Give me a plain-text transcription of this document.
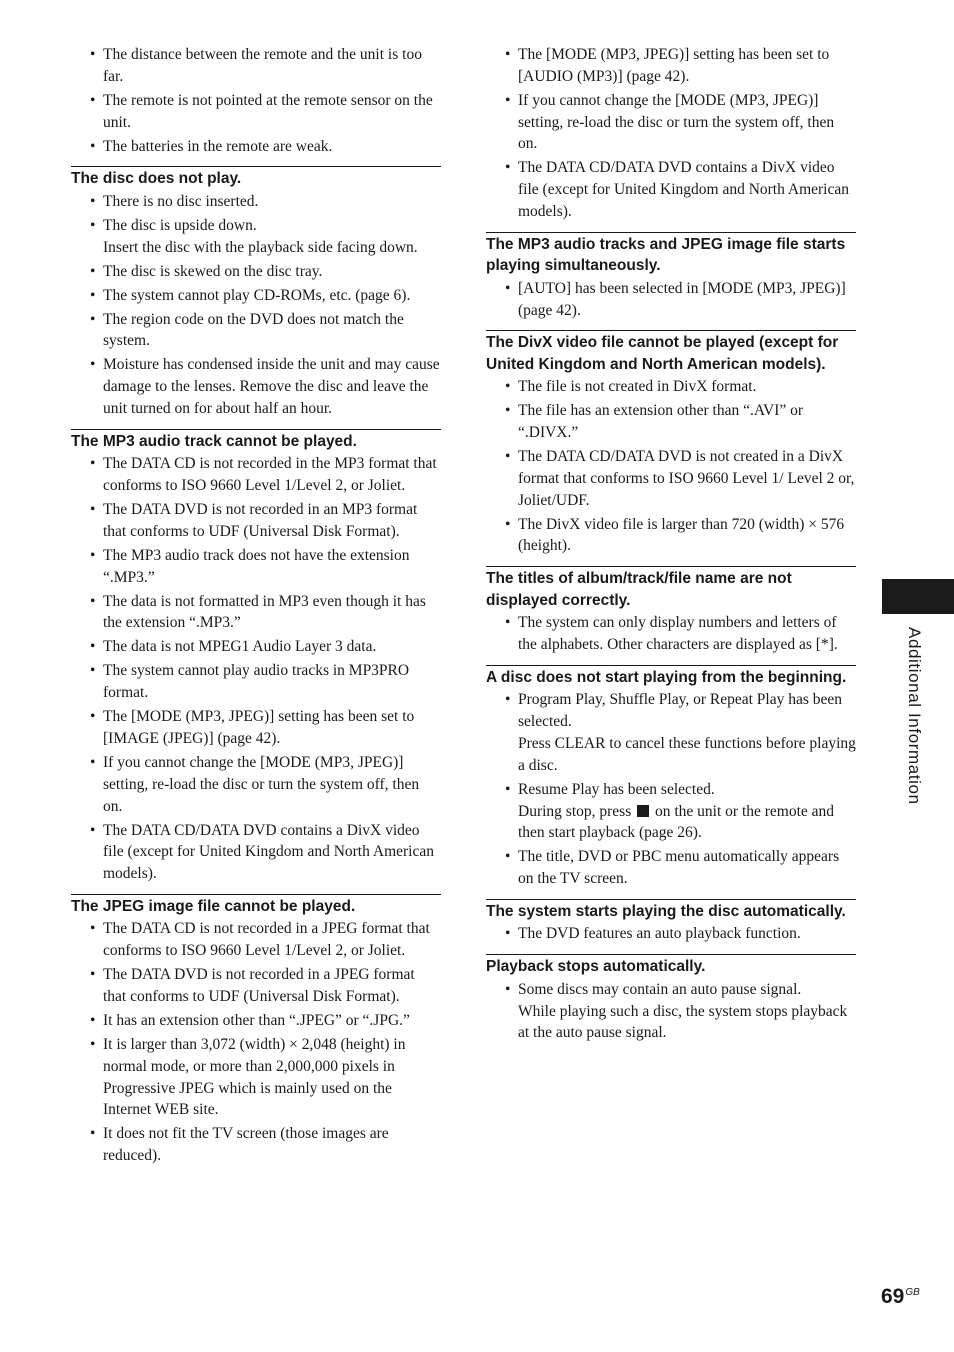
• The distance between the remote and the unit is too far.
• The remote is not pointed at the remote sensor on the unit.
• The batteries in the remote are weak.
The disc does not play.
• There is no disc inserted.
• The disc is upside down.
Insert the disc with the playback side facing down.
• The disc is skewed on the disc tray.
• The system cannot play CD-ROMs, etc. (page 6).
• The region code on the DVD does not match the system.
• Moisture has condensed inside the unit and may cause damage to the lenses. Remove the disc and leave the unit turned on for about half an hour.
The MP3 audio track cannot be played.
• The DATA CD is not recorded in the MP3 format that conforms to ISO 9660 Level 1/Level 2, or Joliet.
• The DATA DVD is not recorded in an MP3 format that conforms to UDF (Universal Disk Format).
• The MP3 audio track does not have the extension “.MP3.”
• The data is not formatted in MP3 even though it has the extension “.MP3.”
• The data is not MPEG1 Audio Layer 3 data.
• The system cannot play audio tracks in MP3PRO format.
• The [MODE (MP3, JPEG)] setting has been set to [IMAGE (JPEG)] (page 42).
• If you cannot change the [MODE (MP3, JPEG)] setting, re-load the disc or turn the system off, then on.
• The DATA CD/DATA DVD contains a DivX video file (except for United Kingdom and North American models).
The JPEG image file cannot be played.
• The DATA CD is not recorded in a JPEG format that conforms to ISO 9660 Level 1/Level 2, or Joliet.
• The DATA DVD is not recorded in a JPEG format that conforms to UDF (Universal Disk Format).
• It has an extension other than “.JPEG” or “.JPG.”
• It is larger than 3,072 (width) × 2,048 (height) in normal mode, or more than 2,000,000 pixels in Progressive JPEG which is mainly used on the Internet WEB site.
• It does not fit the TV screen (those images are reduced).
• The [MODE (MP3, JPEG)] setting has been set to [AUDIO (MP3)] (page 42).
• If you cannot change the [MODE (MP3, JPEG)] setting, re-load the disc or turn the system off, then on.
• The DATA CD/DATA DVD contains a DivX video file (except for United Kingdom and North American models).
The MP3 audio tracks and JPEG image file starts playing simultaneously.
• [AUTO] has been selected in [MODE (MP3, JPEG)] (page 42).
The DivX video file cannot be played (except for United Kingdom and North American models).
• The file is not created in DivX format.
• The file has an extension other than “.AVI” or “.DIVX.”
• The DATA CD/DATA DVD is not created in a DivX format that conforms to ISO 9660 Level 1/ Level 2 or, Joliet/UDF.
• The DivX video file is larger than 720 (width) × 576 (height).
The titles of album/track/file name are not displayed correctly.
• The system can only display numbers and letters of the alphabets. Other characters are displayed as [*].
A disc does not start playing from the beginning.
• Program Play, Shuffle Play, or Repeat Play has been selected.
Press CLEAR to cancel these functions before playing a disc.
• Resume Play has been selected.
During stop, press  on the unit or the remote and then start playback (page 26).
• The title, DVD or PBC menu automatically appears on the TV screen.
The system starts playing the disc automatically.
• The DVD features an auto playback function.
Playback stops automatically.
• Some discs may contain an auto pause signal.
While playing such a disc, the system stops playback at the auto pause signal.
Additional Information
$69^{GB}$
